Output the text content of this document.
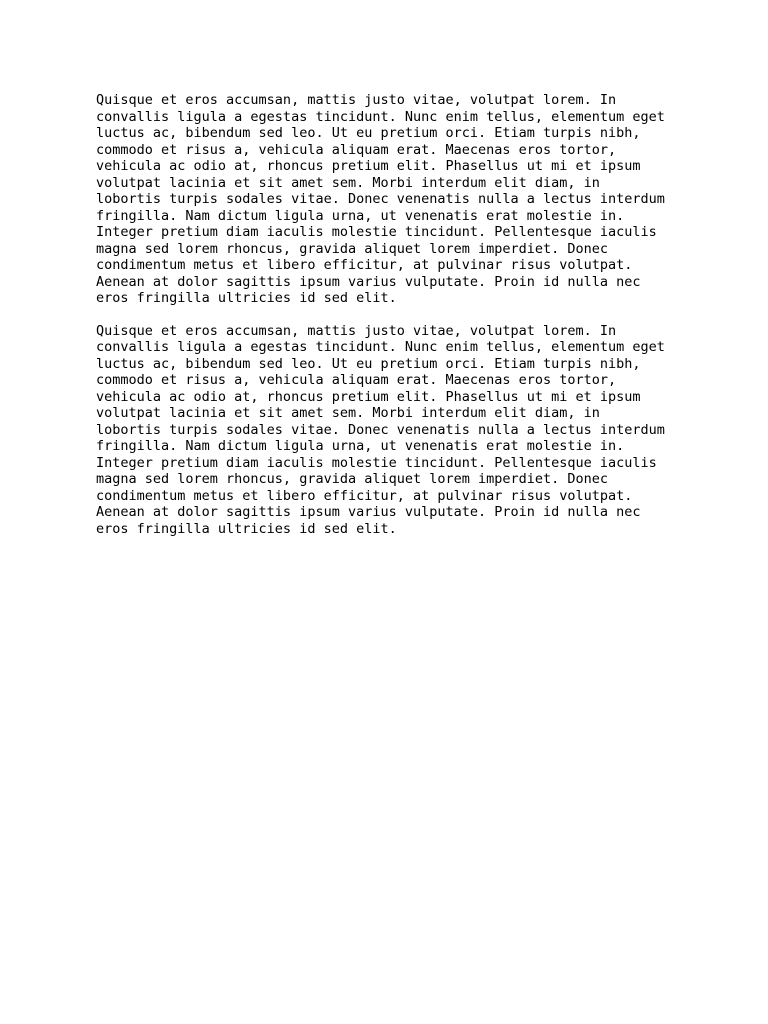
Quisque et eros accumsan, mattis justo vitae, volutpat lorem. In
convallis ligula a egestas tincidunt. Nunc enim tellus, elementum eget
luctus ac, bibendum sed leo. Ut eu pretium orci. Etiam turpis nibh,
commodo et risus a, vehicula aliquam erat. Maecenas eros tortor,
vehicula ac odio at, rhoncus pretium elit. Phasellus ut mi et ipsum
volutpat lacinia et sit amet sem. Morbi interdum elit diam, in
lobortis turpis sodales vitae. Donec venenatis nulla a lectus interdum
fringilla. Nam dictum ligula urna, ut venenatis erat molestie in.
Integer pretium diam iaculis molestie tincidunt. Pellentesque iaculis
magna sed lorem rhoncus, gravida aliquet lorem imperdiet. Donec
condimentum metus et libero efficitur, at pulvinar risus volutpat.
Aenean at dolor sagittis ipsum varius vulputate. Proin id nulla nec
eros fringilla ultricies id sed elit.

Quisque et eros accumsan, mattis justo vitae, volutpat lorem. In
convallis ligula a egestas tincidunt. Nunc enim tellus, elementum eget
luctus ac, bibendum sed leo. Ut eu pretium orci. Etiam turpis nibh,
commodo et risus a, vehicula aliquam erat. Maecenas eros tortor,
vehicula ac odio at, rhoncus pretium elit. Phasellus ut mi et ipsum
volutpat lacinia et sit amet sem. Morbi interdum elit diam, in
lobortis turpis sodales vitae. Donec venenatis nulla a lectus interdum
fringilla. Nam dictum ligula urna, ut venenatis erat molestie in.
Integer pretium diam iaculis molestie tincidunt. Pellentesque iaculis
magna sed lorem rhoncus, gravida aliquet lorem imperdiet. Donec
condimentum metus et libero efficitur, at pulvinar risus volutpat.
Aenean at dolor sagittis ipsum varius vulputate. Proin id nulla nec
eros fringilla ultricies id sed elit.
